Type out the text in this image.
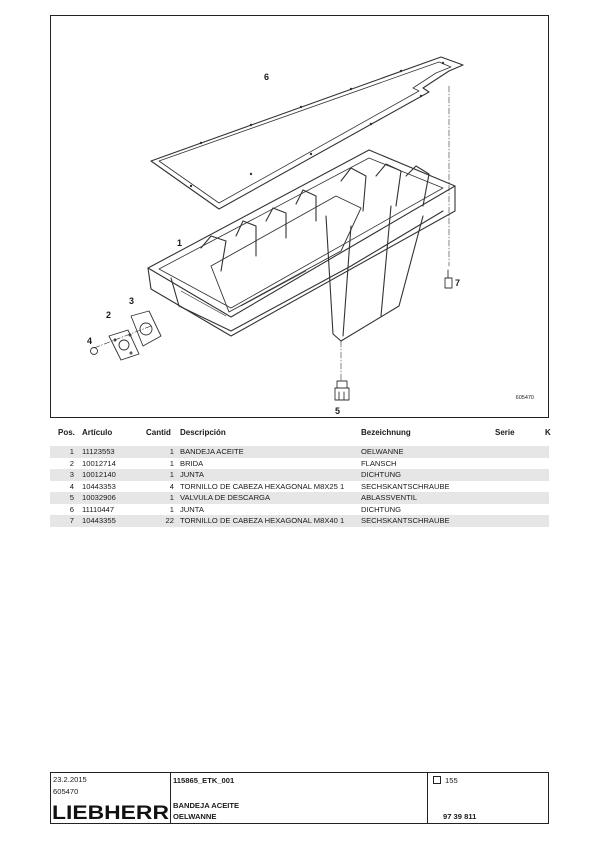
6
1
3
2
4
7
5
605470
Pos. Artículo	Cantid Descripción	Bezeichnung	Serie	K
1 11123553	1 BANDEJA ACEITE	OELWANNE
2 10012714	1 BRIDA	FLANSCH
3 10012140	1 JUNTA	DICHTUNG
4 10443353	4 TORNILLO DE CABEZA HEXAGONAL M8X25 1 SECHSKANTSCHRAUBE
5 10032906	1 VALVULA DE DESCARGA	ABLASSVENTIL
6 11110447	1 JUNTA	DICHTUNG
7 10443355	22 TORNILLO DE CABEZA HEXAGONAL M8X40 1 SECHSKANTSCHRAUBE
23.2.2015
605470
LIEBHERR
115865_ETK_001
BANDEJA ACEITE
OELWANNE
155
97 39 811
